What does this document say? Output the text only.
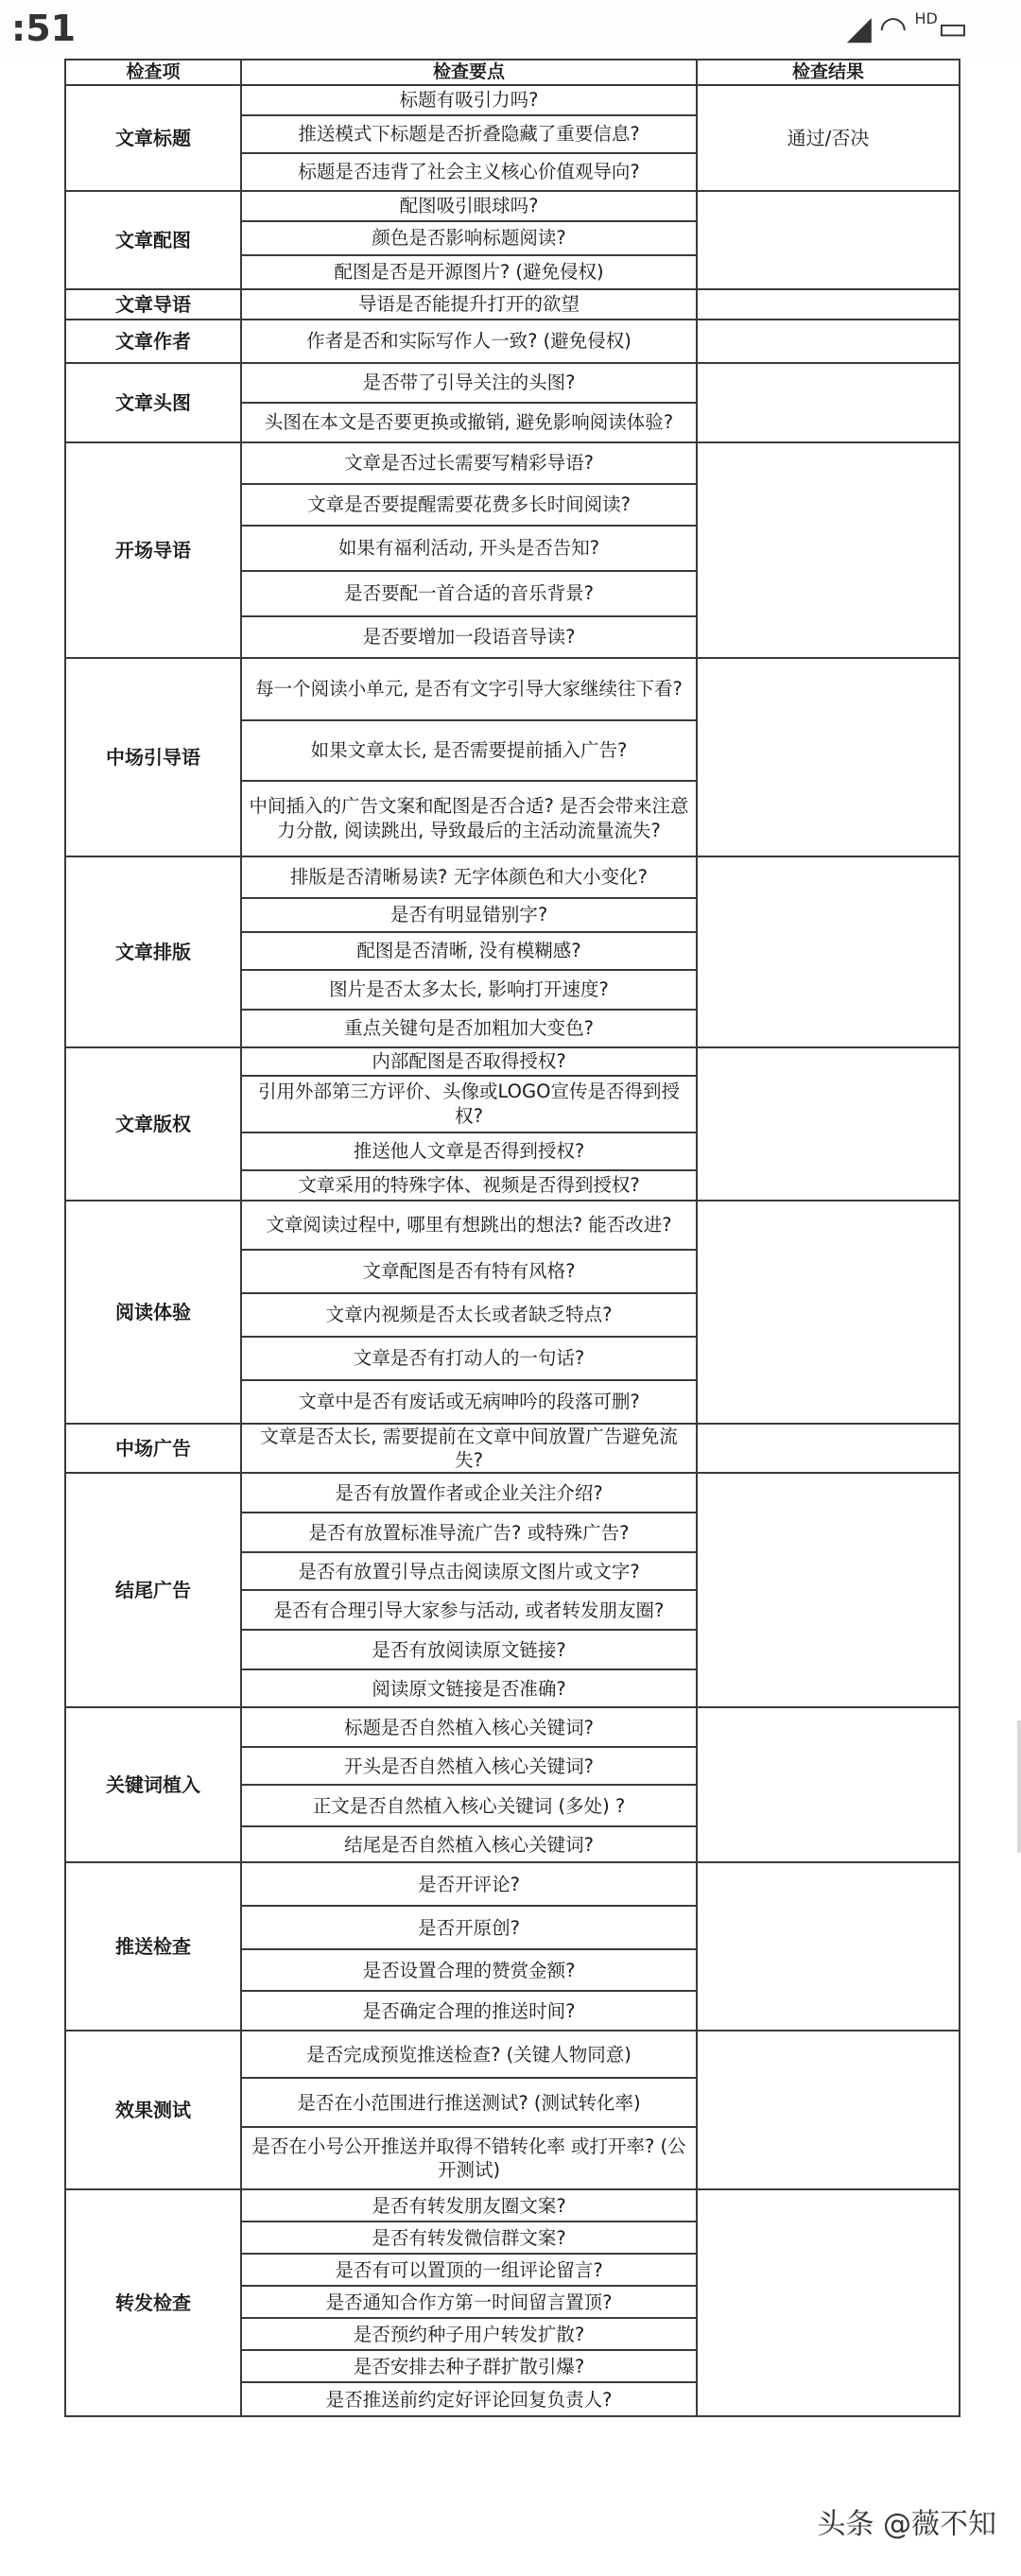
:51	◢◠$^{HD}$▭
检查项	检查要点	检查结果
文章标题	标题有吸引力吗?	通过/否决
	推送模式下标题是否折叠隐藏了重要信息?	
	标题是否违背了社会主义核心价值观导向?	
文章配图	配图吸引眼球吗?	
	颜色是否影响标题阅读?	
	配图是否是开源图片? (避免侵权)	
文章导语	导语是否能提升打开的欲望	
文章作者	作者是否和实际写作人一致? (避免侵权)	
文章头图	是否带了引导关注的头图?	
	头图在本文是否要更换或撤销, 避免影响阅读体验?	
开场导语	文章是否过长需要写精彩导语?	
	文章是否要提醒需要花费多长时间阅读?	
	如果有福利活动, 开头是否告知?	
	是否要配一首合适的音乐背景?	
	是否要增加一段语音导读?	
中场引导语	每一个阅读小单元, 是否有文字引导大家继续往下看?	
	如果文章太长, 是否需要提前插入广告?	
	中间插入的广告文案和配图是否合适? 是否会带来注意力分散, 阅读跳出, 导致最后的主活动流量流失?	
文章排版	排版是否清晰易读? 无字体颜色和大小变化?	
	是否有明显错别字?	
	配图是否清晰, 没有模糊感?	
	图片是否太多太长, 影响打开速度?	
	重点关键句是否加粗加大变色?	
文章版权	内部配图是否取得授权?	
	引用外部第三方评价、头像或LOGO宣传是否得到授权?	
	推送他人文章是否得到授权?	
	文章采用的特殊字体、视频是否得到授权?	
阅读体验	文章阅读过程中, 哪里有想跳出的想法? 能否改进?	
	文章配图是否有特有风格?	
	文章内视频是否太长或者缺乏特点?	
	文章是否有打动人的一句话?	
	文章中是否有废话或无病呻吟的段落可删?	
中场广告	文章是否太长, 需要提前在文章中间放置广告避免流失?	
结尾广告	是否有放置作者或企业关注介绍?	
	是否有放置标准导流广告? 或特殊广告?	
	是否有放置引导点击阅读原文图片或文字?	
	是否有合理引导大家参与活动, 或者转发朋友圈?	
	是否有放阅读原文链接?	
	阅读原文链接是否准确?	
关键词植入	标题是否自然植入核心关键词?	
	开头是否自然植入核心关键词?	
	正文是否自然植入核心关键词 (多处) ?	
	结尾是否自然植入核心关键词?	
推送检查	是否开评论?	
	是否开原创?	
	是否设置合理的赞赏金额?	
	是否确定合理的推送时间?	
效果测试	是否完成预览推送检查? (关键人物同意)	
	是否在小范围进行推送测试? (测试转化率)	
	是否在小号公开推送并取得不错转化率 或打开率? (公开测试)	
转发检查	是否有转发朋友圈文案?	
	是否有转发微信群文案?	
	是否有可以置顶的一组评论留言?	
	是否通知合作方第一时间留言置顶?	
	是否预约种子用户转发扩散?	
	是否安排去种子群扩散引爆?	
	是否推送前约定好评论回复负责人?	
头条 @薇不知
